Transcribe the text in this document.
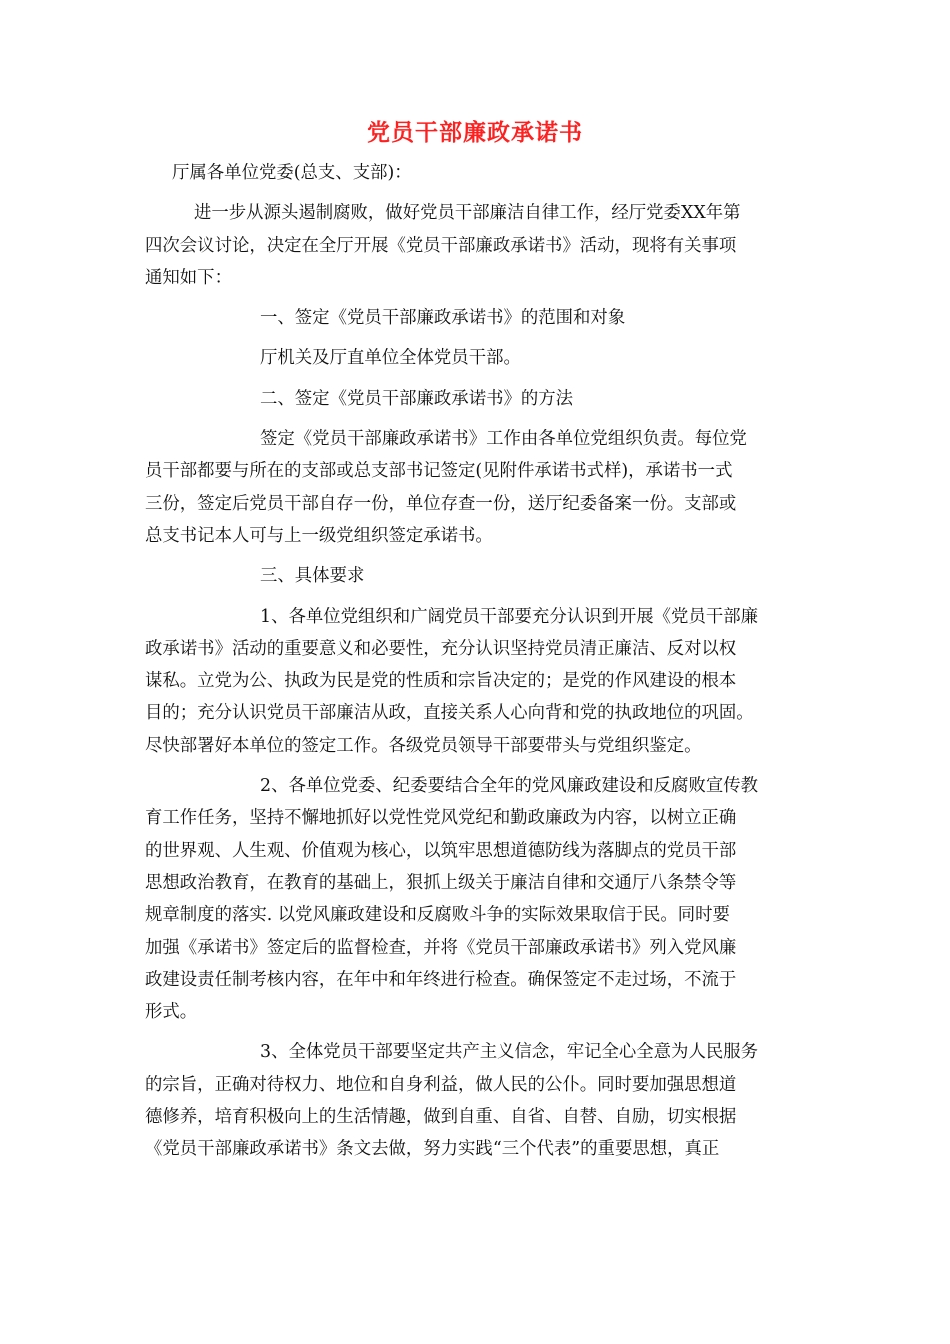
党员干部廉政承诺书

厅属各单位党委(总支、支部)：

进一步从源头遏制腐败，做好党员干部廉洁自律工作，经厅党委XX年第

四次会议讨论，决定在全厅开展《党员干部廉政承诺书》活动，现将有关事项

通知如下：

一、签定《党员干部廉政承诺书》的范围和对象

厅机关及厅直单位全体党员干部。

二、签定《党员干部廉政承诺书》的方法

签定《党员干部廉政承诺书》工作由各单位党组织负责。每位党

员干部都要与所在的支部或总支部书记签定(见附件承诺书式样)，承诺书一式

三份，签定后党员干部自存一份，单位存查一份，送厅纪委备案一份。支部或

总支书记本人可与上一级党组织签定承诺书。

三、具体要求

1、各单位党组织和广阔党员干部要充分认识到开展《党员干部廉

政承诺书》活动的重要意义和必要性，充分认识坚持党员清正廉洁、反对以权

谋私。立党为公、执政为民是党的性质和宗旨决定的；是党的作风建设的根本

目的；充分认识党员干部廉洁从政，直接关系人心向背和党的执政地位的巩固。

尽快部署好本单位的签定工作。各级党员领导干部要带头与党组织鉴定。

2、各单位党委、纪委要结合全年的党风廉政建设和反腐败宣传教

育工作任务，坚持不懈地抓好以党性党风党纪和勤政廉政为内容，以树立正确

的世界观、人生观、价值观为核心，以筑牢思想道德防线为落脚点的党员干部

思想政治教育，在教育的基础上，狠抓上级关于廉洁自律和交通厅八条禁令等

规章制度的落实. 以党风廉政建设和反腐败斗争的实际效果取信于民。同时要

加强《承诺书》签定后的监督检查，并将《党员干部廉政承诺书》列入党风廉

政建设责任制考核内容，在年中和年终进行检查。确保签定不走过场，不流于

形式。

3、全体党员干部要坚定共产主义信念，牢记全心全意为人民服务

的宗旨，正确对待权力、地位和自身利益，做人民的公仆。同时要加强思想道

德修养，培育积极向上的生活情趣，做到自重、自省、自替、自励，切实根据

《党员干部廉政承诺书》条文去做，努力实践“三个代表”的重要思想，真正
